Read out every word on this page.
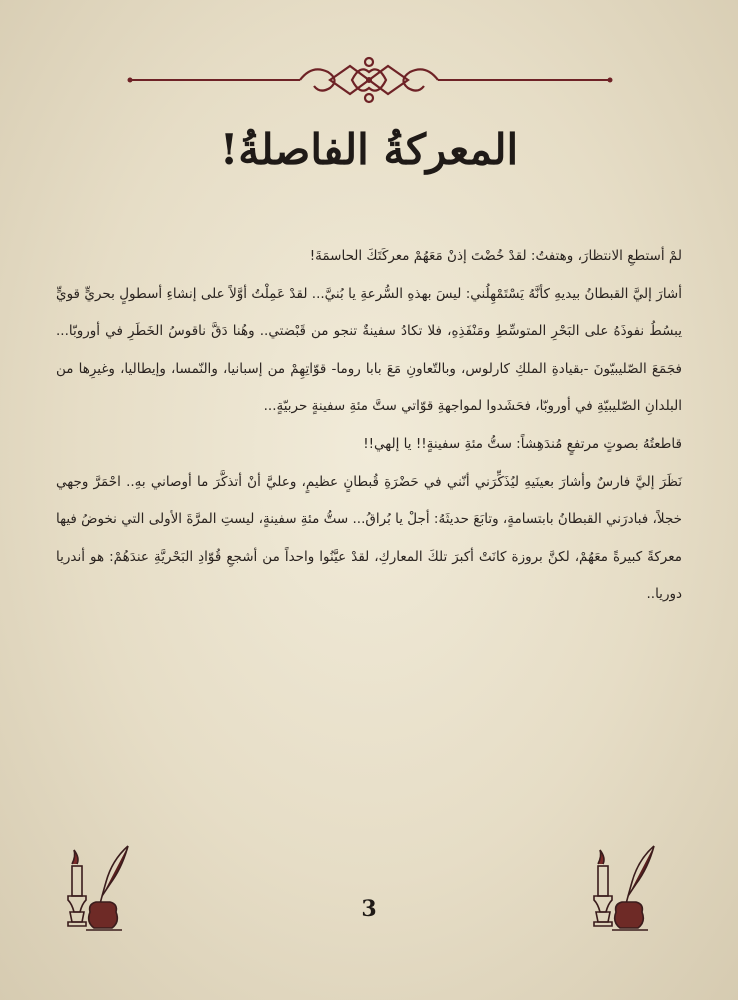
المعركةُ الفاصلةُ!

لمْ أستطعِ الانتظارَ، وهتفتُ: لقدْ خُضْتَ إذنْ مَعَهُمْ معركَتَكَ الحاسمَةَ!

أشارَ إليَّ القبطانُ بيديهِ كأنَّهُ يَسْتَمْهِلُني: ليسَ بهذهِ السُّرعةِ يا بُنيَّ... لقدْ عَمِلْتُ أوَّلاً على إنشاءِ أسطولٍ بحريٍّ قويٍّ يبسُطُ نفوذَهُ على البَحْرِ المتوسِّطِ ومَنْفَذِهِ، فلا تكادُ سفينةٌ تنجو من قَبْضتي.. وهُنا دَقَّ ناقوسُ الخَطَرِ في أوروبّا... فجَمَعَ الصّليبيّونَ -بقيادةِ الملكِ كارلوس، وبالتّعاونِ مَعَ بابا روما- قوّاتِهِمْ من إسبانيا، والنّمسا، وإيطاليا، وغيرِها من البلدانِ الصّليبيّةِ في أوروبّا، فحَشَدوا لمواجهةِ قوّاتي ستَّ مئةِ سفينةٍ حربيّةٍ...

قاطعتُهُ بصوتٍ مرتفعٍ مُندَهِشاً: ستُّ مئةِ سفينةٍ!! يا إلهي!!

نَظَرَ إليَّ فارسٌ وأشارَ بعينَيهِ ليُذَكِّرَني أنّني في حَضْرَةِ قُبطانٍ عظيمٍ، وعليَّ أنْ أتذكَّرَ ما أوصاني بهِ.. احْمَرَّ وجهي خجلاً، فبادرَني القبطانُ بابتسامةٍ، وتابَعَ حديثَهُ: أجلْ يا بُراقُ... ستُّ مئةِ سفينةٍ، ليستِ المرَّةَ الأولى التي نخوضُ فيها معركةً كبيرةً معَهُمْ، لكنَّ بروزة كانَتْ أكبرَ تلكَ المعاركِ، لقدْ عيَّنُوا واحداً من أشجعِ قُوّادِ البَحْريَّةِ عندَهُمْ: هو أندريا دوريا..

3
